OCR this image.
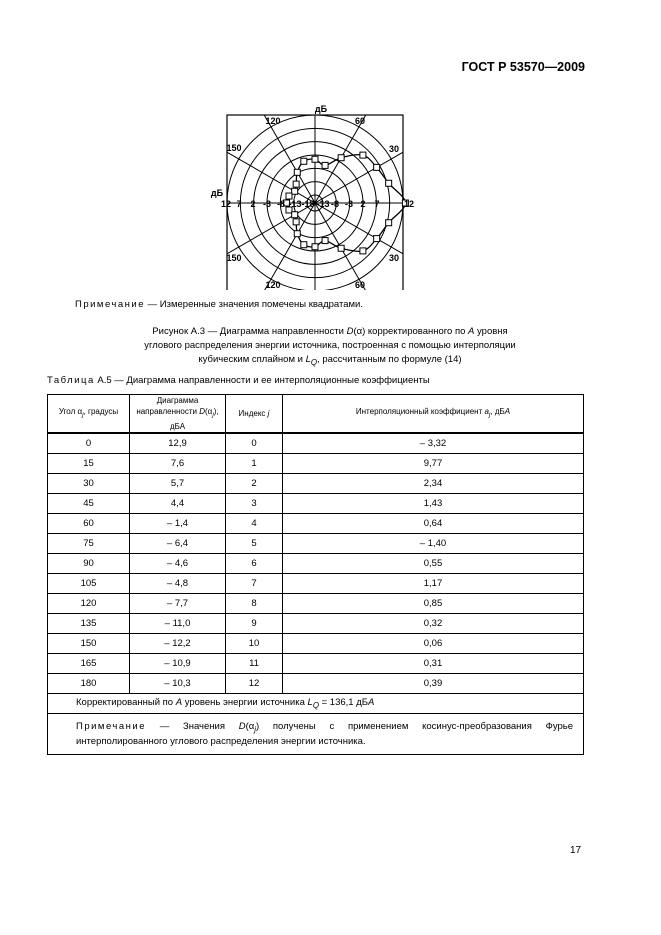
ГОСТ Р 53570—2009
дБ
дБ
120	60
150	30
150	30
120	60
12 7 2 -3 -8 -13 -18 -13 -8 -3 2 7	12
Примечание — Измеренные значения помечены квадратами.
Рисунок А.3 — Диаграмма направленности D(α) корректированного по А уровня
углового распределения энергии источника, построенная с помощью интерполяции
кубическим сплайном и $L_Q$, рассчитанным по формуле (14)
Таблица А.5 — Диаграмма направленности и ее интерполяционные коэффициенты
Угол $\alpha_j$, градусы	Диаграмма
направленности $D(\alpha_j)$, дБА	Индекс j	Интерполяционный коэффициент $a_j$, дБА
0	12,9	0	– 3,32
15	7,6	1	9,77
30	5,7	2	2,34
45	4,4	3	1,43
60	– 1,4	4	0,64
75	– 6,4	5	– 1,40
90	– 4,6	6	0,55
105	– 4,8	7	1,17
120	– 7,7	8	0,85
135	– 11,0	9	0,32
150	– 12,2	10	0,06
165	– 10,9	11	0,31
180	– 10,3	12	0,39
Корректированный по А уровень энергии источника $L_Q = 136,1$ дБА			
Примечание — Значения $D(\alpha_j)$ получены с применением косинус-преобразования Фурье интерполированного углового распределения энергии источника.			
17
